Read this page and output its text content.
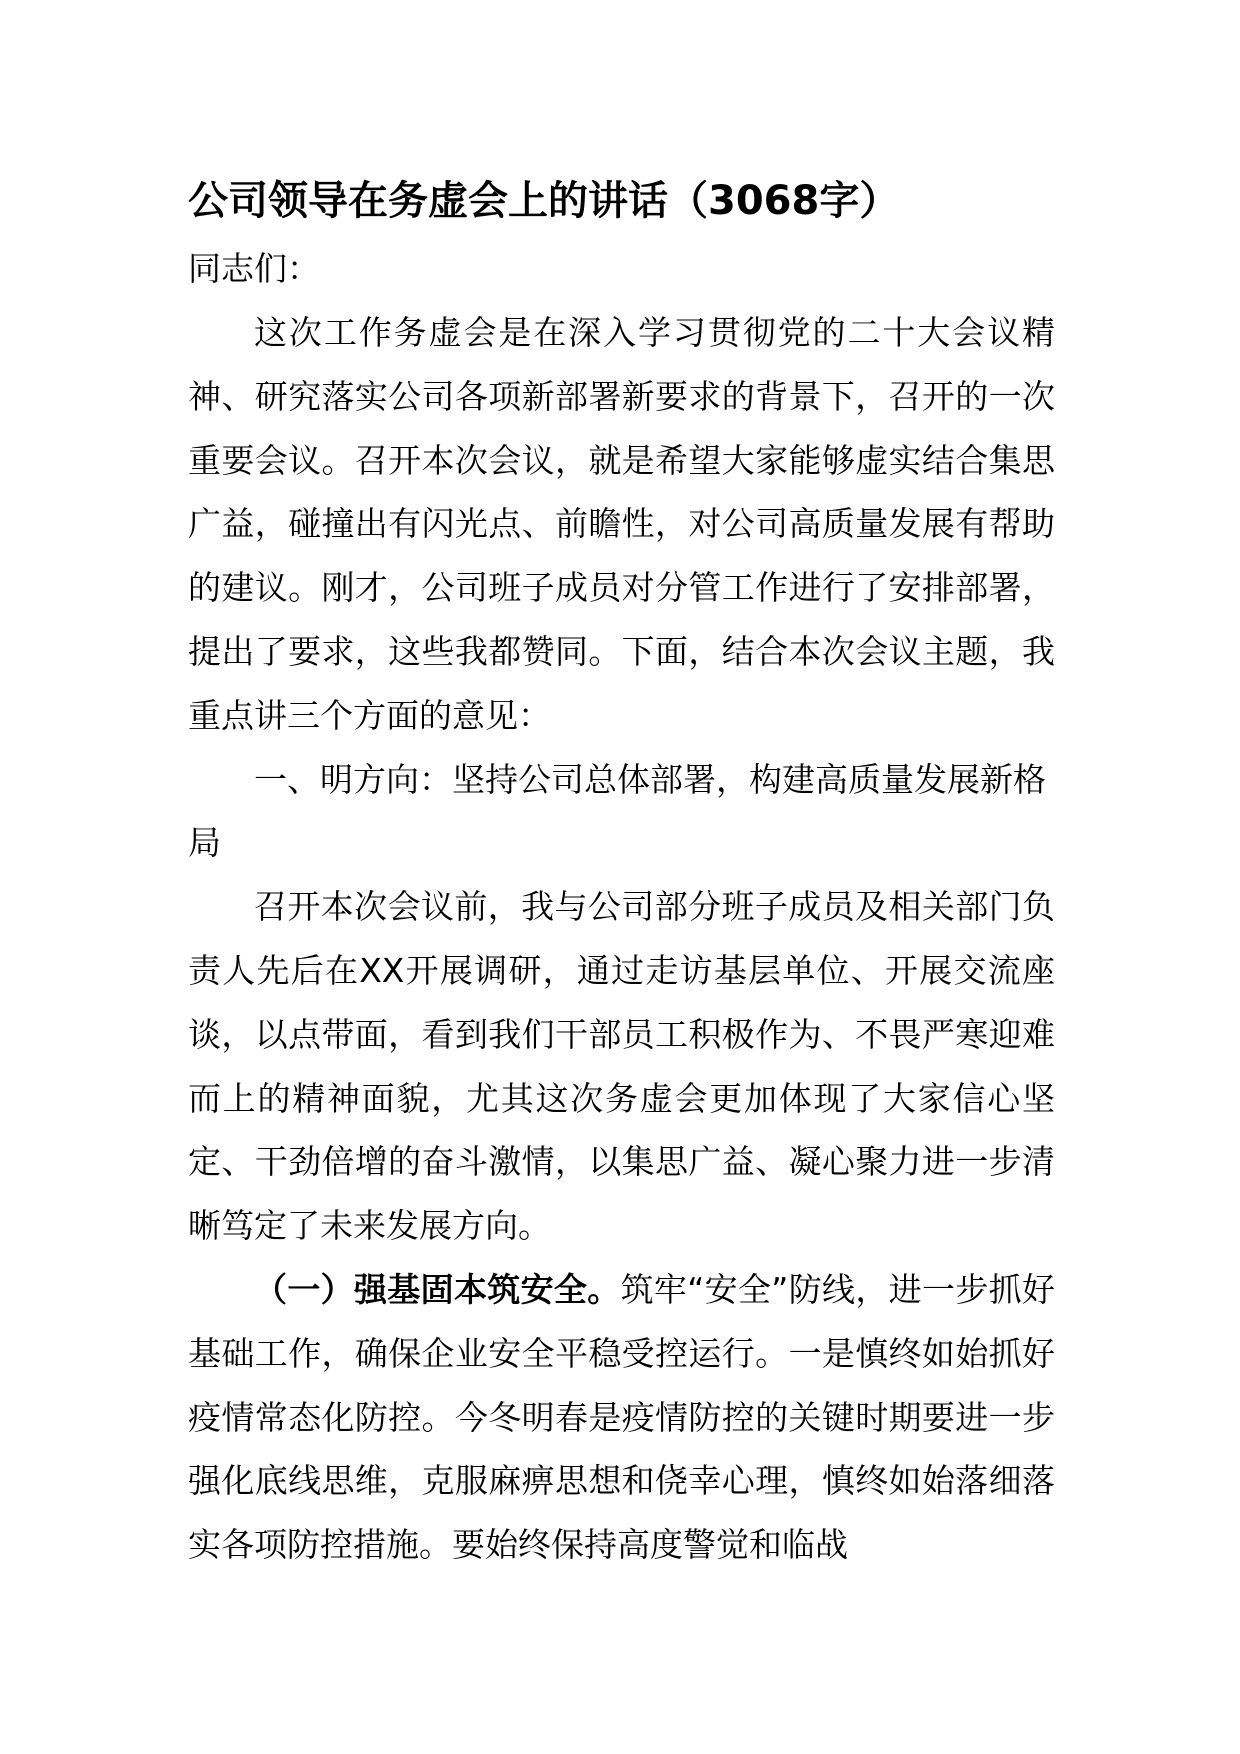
公司领导在务虚会上的讲话（3068字）

同志们：

这次工作务虚会是在深入学习贯彻党的二十大会议精神、研究落实公司各项新部署新要求的背景下，召开的一次重要会议。召开本次会议，就是希望大家能够虚实结合集思广益，碰撞出有闪光点、前瞻性，对公司高质量发展有帮助的建议。刚才，公司班子成员对分管工作进行了安排部署，提出了要求，这些我都赞同。下面，结合本次会议主题，我重点讲三个方面的意见：

一、明方向：坚持公司总体部署，构建高质量发展新格局

召开本次会议前，我与公司部分班子成员及相关部门负责人先后在XX开展调研，通过走访基层单位、开展交流座谈，以点带面，看到我们干部员工积极作为、不畏严寒迎难而上的精神面貌，尤其这次务虚会更加体现了大家信心坚定、干劲倍增的奋斗激情，以集思广益、凝心聚力进一步清晰笃定了未来发展方向。

（一）强基固本筑安全。筑牢“安全”防线，进一步抓好基础工作，确保企业安全平稳受控运行。一是慎终如始抓好疫情常态化防控。今冬明春是疫情防控的关键时期要进一步强化底线思维，克服麻痹思想和侥幸心理，慎终如始落细落实各项防控措施。要始终保持高度警觉和临战
